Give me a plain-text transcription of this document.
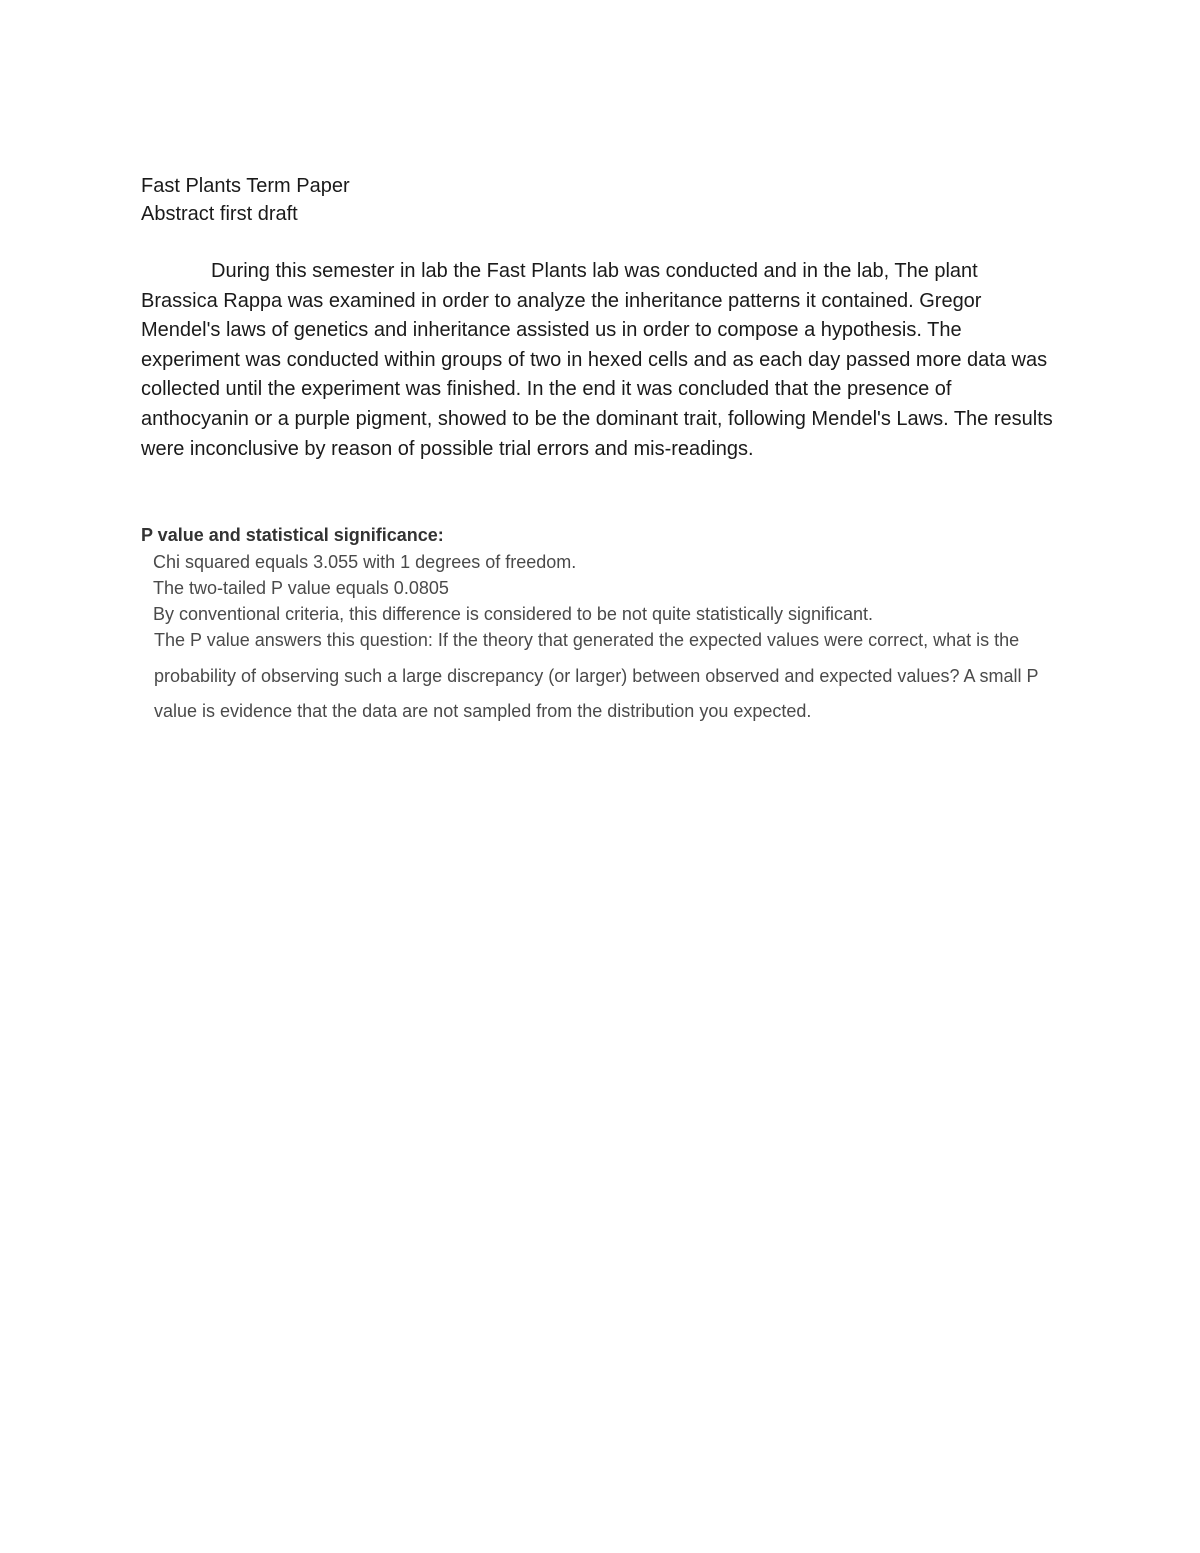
Fast Plants Term Paper
Abstract first draft

During this semester in lab the Fast Plants lab was conducted and in the lab, The plant Brassica Rappa was examined in order to analyze the inheritance patterns it contained. Gregor Mendel's laws of genetics and inheritance assisted us in order to compose a hypothesis. The experiment was conducted within groups of two in hexed cells and as each day passed more data was collected until the experiment was finished. In the end it was concluded that the presence of anthocyanin or a purple pigment, showed to be the dominant trait, following Mendel's Laws. The results were inconclusive by reason of possible trial errors and mis-readings.

P value and statistical significance:
Chi squared equals 3.055 with 1 degrees of freedom.
The two-tailed P value equals 0.0805
By conventional criteria, this difference is considered to be not quite statistically significant.

The P value answers this question: If the theory that generated the expected values were correct, what is the probability of observing such a large discrepancy (or larger) between observed and expected values? A small P value is evidence that the data are not sampled from the distribution you expected.
